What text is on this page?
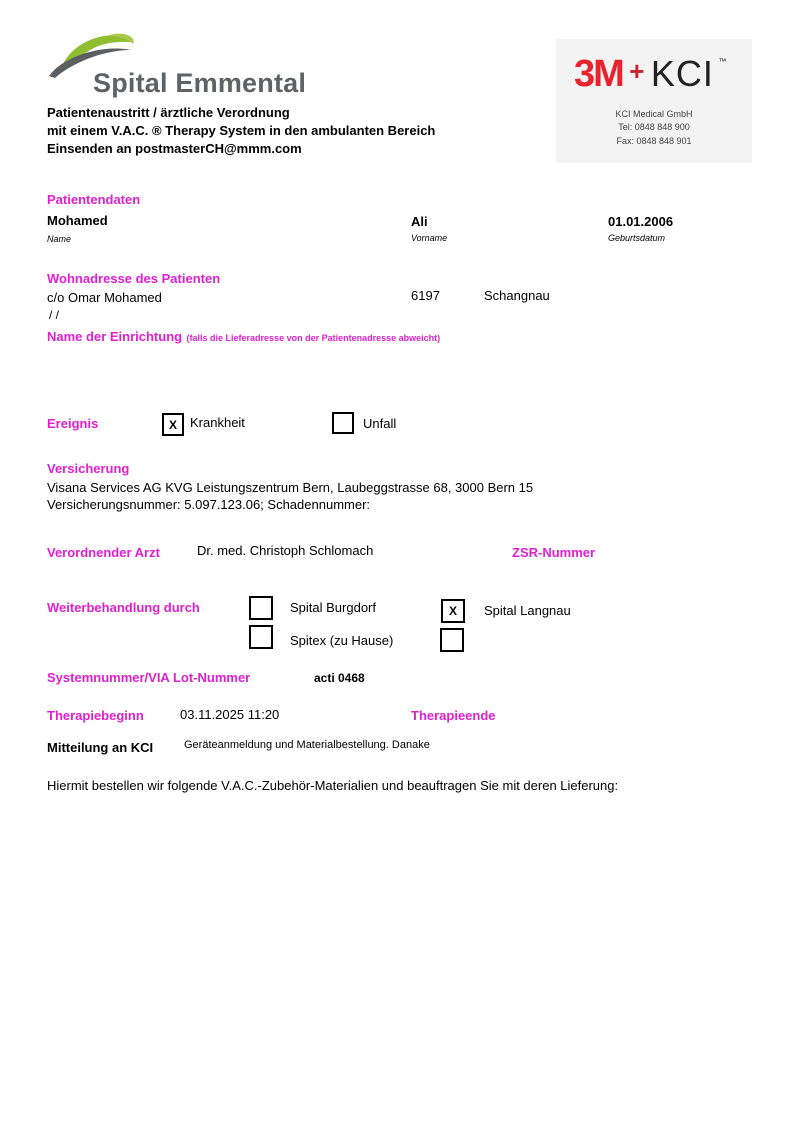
Spital Emmental
Patientenaustritt / ärztliche Verordnung
mit einem V.A.C. ® Therapy System in den ambulanten Bereich
Einsenden an postmasterCH@mmm.com
3M + KCI ™
KCI Medical GmbH
Tel: 0848 848 900
Fax: 0848 848 901
Patientendaten
Mohamed
Name
Ali
Vorname
01.01.2006
Geburtsdatum
Wohnadresse des Patienten
c/o Omar Mohamed	6197	Schangnau
/ /
Name der Einrichtung (falls die Lieferadresse von der Patientenadresse abweicht)
Ereignis	X	Krankheit	Unfall
Versicherung
Visana Services AG KVG Leistungszentrum Bern, Laubeggstrasse 68, 3000 Bern 15
Versicherungsnummer: 5.097.123.06; Schadennummer:
Verordnender Arzt	Dr. med. Christoph Schlomach	ZSR-Nummer
Weiterbehandlung durch	Spital Burgdorf	X	Spital Langnau
Spitex (zu Hause)
Systemnummer/VIA Lot-Nummer	acti 0468
Therapiebeginn	03.11.2025 11:20	Therapieende
Mitteilung an KCI	Geräteanmeldung und Materialbestellung. Danake
Hiermit bestellen wir folgende V.A.C.-Zubehör-Materialien und beauftragen Sie mit deren Lieferung:
